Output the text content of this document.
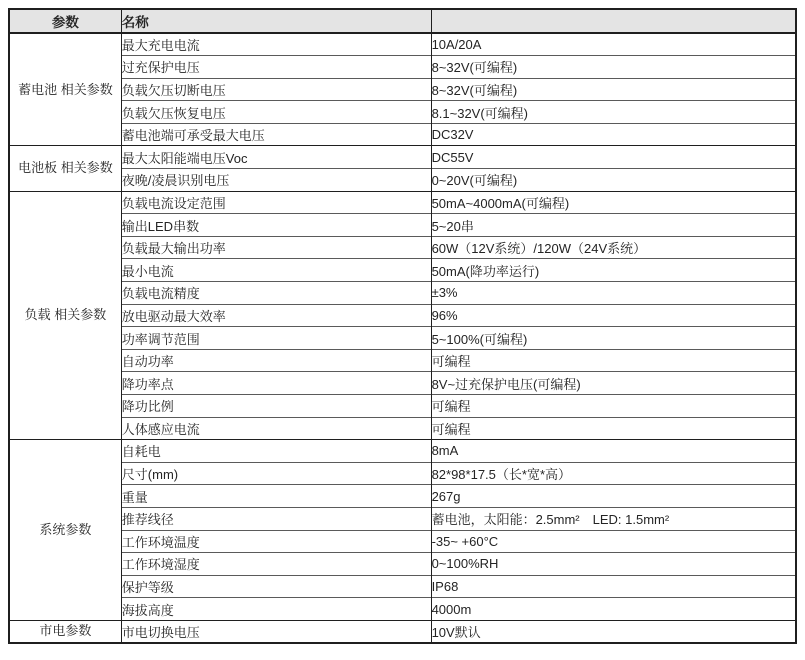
参数	名称	
蓄电池 相关参数	最大充电电流	10A/20A
	过充保护电压	8~32V(可编程)
	负载欠压切断电压	8~32V(可编程)
	负载欠压恢复电压	8.1~32V(可编程)
	蓄电池端可承受最大电压	DC32V
电池板 相关参数	最大太阳能端电压Voc	DC55V
	夜晚/凌晨识别电压	0~20V(可编程)
负载 相关参数	负载电流设定范围	50mA~4000mA(可编程)
	输出LED串数	5~20串
	负载最大输出功率	60W（12V系统）/120W（24V系统）
	最小电流	50mA(降功率运行)
	负载电流精度	±3%
	放电驱动最大效率	96%
	功率调节范围	5~100%(可编程)
	自动功率	可编程
	降功率点	8V~过充保护电压(可编程)
	降功比例	可编程
	人体感应电流	可编程
系统参数	自耗电	8mA
	尺寸(mm)	82*98*17.5（长*宽*高）
	重量	267g
	推荐线径	蓄电池，太阳能：2.5mm²　LED: 1.5mm²
	工作环境温度	-35~ +60°C
	工作环境湿度	0~100%RH
	保护等级	IP68
	海拔高度	4000m
市电参数	市电切换电压	10V默认
